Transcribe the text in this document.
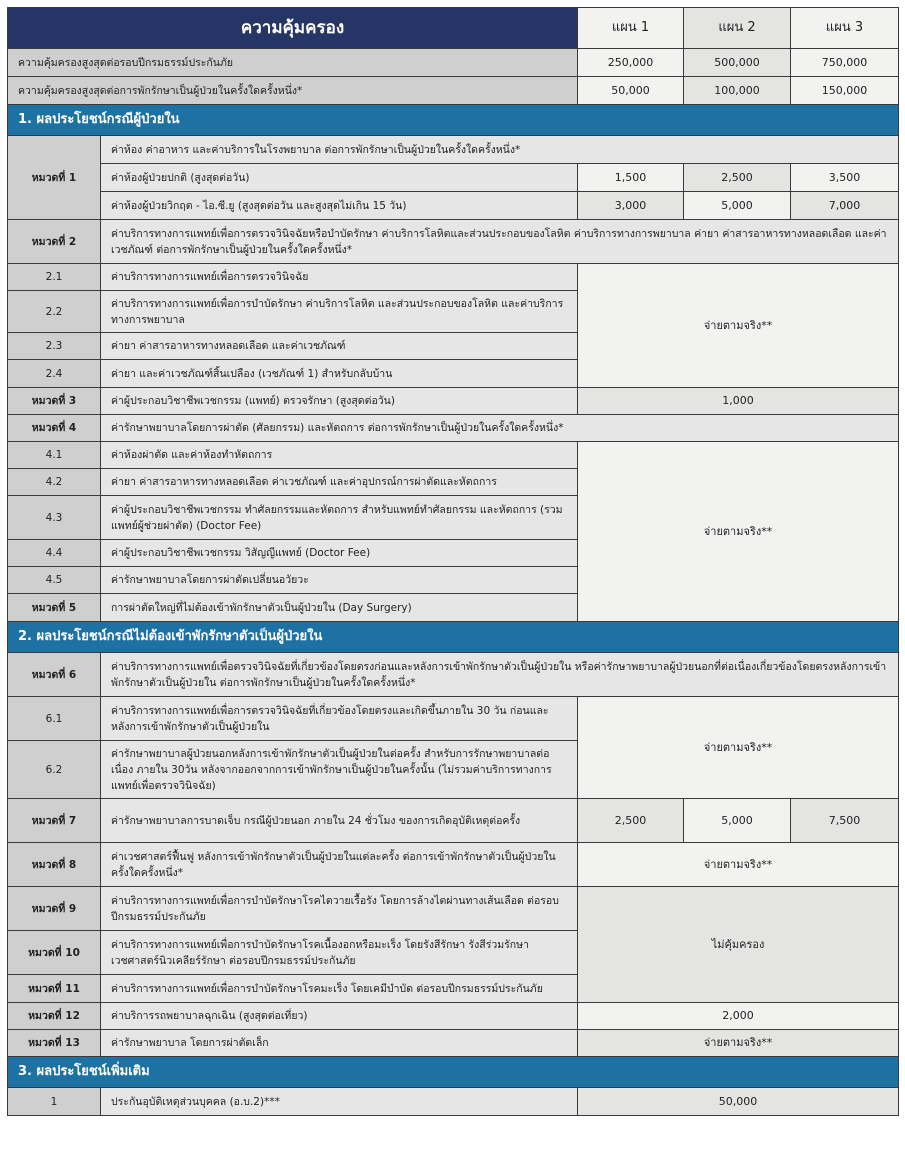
ความคุ้มครอง		แผน 1	แผน 2	แผน 3
ความคุ้มครองสูงสุดต่อรอบปีกรมธรรม์ประกันภัย		250,000	500,000	750,000
ความคุ้มครองสูงสุดต่อการพักรักษาเป็นผู้ป่วยในครั้งใดครั้งหนึ่ง*		50,000	100,000	150,000
1. ผลประโยชน์กรณีผู้ป่วยใน				
หมวดที่ 1	ค่าห้อง ค่าอาหาร และค่าบริการในโรงพยาบาล ต่อการพักรักษาเป็นผู้ป่วยในครั้งใดครั้งหนึ่ง*			
	ค่าห้องผู้ป่วยปกติ (สูงสุดต่อวัน)	1,500	2,500	3,500
	ค่าห้องผู้ป่วยวิกฤต - ไอ.ซี.ยู (สูงสุดต่อวัน และสูงสุดไม่เกิน 15 วัน)	3,000	5,000	7,000
หมวดที่ 2	ค่าบริการทางการแพทย์เพื่อการตรวจวินิจฉัยหรือบำบัดรักษา ค่าบริการโลหิตและส่วนประกอบของโลหิต ค่าบริการทางการพยาบาล ค่ายา ค่าสารอาหารทางหลอดเลือด และค่าเวชภัณฑ์ ต่อการพักรักษาเป็นผู้ป่วยในครั้งใดครั้งหนึ่ง*			
2.1	ค่าบริการทางการแพทย์เพื่อการตรวจวินิจฉัย	จ่ายตามจริง**		
2.2	ค่าบริการทางการแพทย์เพื่อการบำบัดรักษา ค่าบริการโลหิต และส่วนประกอบของโลหิต และค่าบริการทางการพยาบาล			
2.3	ค่ายา ค่าสารอาหารทางหลอดเลือด และค่าเวชภัณฑ์			
2.4	ค่ายา และค่าเวชภัณฑ์สิ้นเปลือง (เวชภัณฑ์ 1) สำหรับกลับบ้าน			
หมวดที่ 3	ค่าผู้ประกอบวิชาชีพเวชกรรม (แพทย์) ตรวจรักษา (สูงสุดต่อวัน)	1,000		
หมวดที่ 4	ค่ารักษาพยาบาลโดยการผ่าตัด (ศัลยกรรม) และหัตถการ ต่อการพักรักษาเป็นผู้ป่วยในครั้งใดครั้งหนึ่ง*			
4.1	ค่าห้องผ่าตัด และค่าห้องทำหัตถการ	จ่ายตามจริง**		
4.2	ค่ายา ค่าสารอาหารทางหลอดเลือด ค่าเวชภัณฑ์ และค่าอุปกรณ์การผ่าตัดและหัตถการ			
4.3	ค่าผู้ประกอบวิชาชีพเวชกรรม ทำศัลยกรรมและหัตถการ สำหรับแพทย์ทำศัลยกรรม และหัตถการ (รวมแพทย์ผู้ช่วยผ่าตัด) (Doctor Fee)			
4.4	ค่าผู้ประกอบวิชาชีพเวชกรรม วิสัญญีแพทย์ (Doctor Fee)			
4.5	ค่ารักษาพยาบาลโดยการผ่าตัดเปลี่ยนอวัยวะ			
หมวดที่ 5	การผ่าตัดใหญ่ที่ไม่ต้องเข้าพักรักษาตัวเป็นผู้ป่วยใน (Day Surgery)			
2. ผลประโยชน์กรณีไม่ต้องเข้าพักรักษาตัวเป็นผู้ป่วยใน				
หมวดที่ 6	ค่าบริการทางการแพทย์เพื่อตรวจวินิจฉัยที่เกี่ยวข้องโดยตรงก่อนและหลังการเข้าพักรักษาตัวเป็นผู้ป่วยใน หรือค่ารักษาพยาบาลผู้ป่วยนอกที่ต่อเนื่องเกี่ยวข้องโดยตรงหลังการเข้าพักรักษาตัวเป็นผู้ป่วยใน ต่อการพักรักษาเป็นผู้ป่วยในครั้งใดครั้งหนึ่ง*			
6.1	ค่าบริการทางการแพทย์เพื่อการตรวจวินิจฉัยที่เกี่ยวข้องโดยตรงและเกิดขึ้นภายใน 30 วัน ก่อนและหลังการเข้าพักรักษาตัวเป็นผู้ป่วยใน	จ่ายตามจริง**		
6.2	ค่ารักษาพยาบาลผู้ป่วยนอกหลังการเข้าพักรักษาตัวเป็นผู้ป่วยในต่อครั้ง สำหรับการรักษาพยาบาลต่อเนื่อง ภายใน 30วัน หลังจากออกจากการเข้าพักรักษาเป็นผู้ป่วยในครั้งนั้น (ไม่รวมค่าบริการทางการแพทย์เพื่อตรวจวินิจฉัย)			
หมวดที่ 7	ค่ารักษาพยาบาลการบาดเจ็บ กรณีผู้ป่วยนอก ภายใน 24 ชั่วโมง ของการเกิดอุบัติเหตุต่อครั้ง	2,500	5,000	7,500
หมวดที่ 8	ค่าเวชศาสตร์ฟื้นฟู หลังการเข้าพักรักษาตัวเป็นผู้ป่วยในแต่ละครั้ง ต่อการเข้าพักรักษาตัวเป็นผู้ป่วยในครั้งใดครั้งหนึ่ง*	จ่ายตามจริง**		
หมวดที่ 9	ค่าบริการทางการแพทย์เพื่อการบำบัดรักษาโรคไตวายเรื้อรัง โดยการล้างไตผ่านทางเส้นเลือด ต่อรอบปีกรมธรรม์ประกันภัย	ไม่คุ้มครอง		
หมวดที่ 10	ค่าบริการทางการแพทย์เพื่อการบำบัดรักษาโรคเนื้องอกหรือมะเร็ง โดยรังสีรักษา รังสีร่วมรักษา เวชศาสตร์นิวเคลียร์รักษา ต่อรอบปีกรมธรรม์ประกันภัย			
หมวดที่ 11	ค่าบริการทางการแพทย์เพื่อการบำบัดรักษาโรคมะเร็ง โดยเคมีบำบัด ต่อรอบปีกรมธรรม์ประกันภัย			
หมวดที่ 12	ค่าบริการรถพยาบาลฉุกเฉิน (สูงสุดต่อเที่ยว)	2,000		
หมวดที่ 13	ค่ารักษาพยาบาล โดยการผ่าตัดเล็ก	จ่ายตามจริง**		
3. ผลประโยชน์เพิ่มเติม				
1	ประกันอุบัติเหตุส่วนบุคคล (อ.บ.2)***	50,000		
